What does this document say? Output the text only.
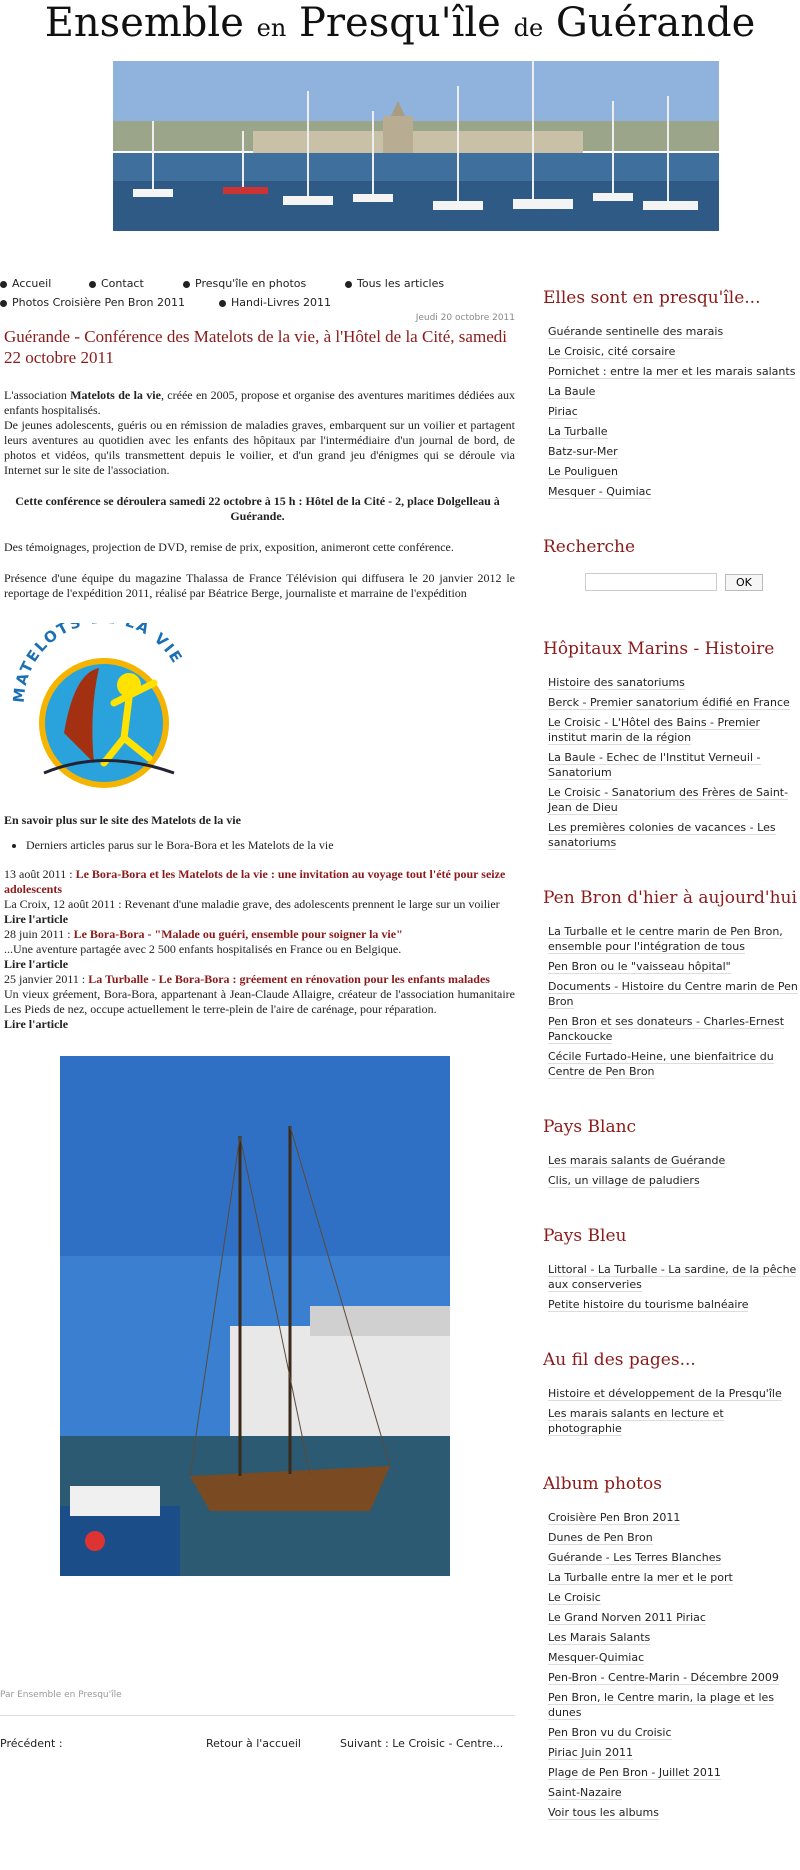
Ensemble en Presqu'île de Guérande
Accueil	Contact	Presqu'île en photos	Tous les articles
Photos Croisière Pen Bron 2011	Handi-Livres 2011
Jeudi 20 octobre 2011
Guérande - Conférence des Matelots de la vie, à l'Hôtel de la Cité, samedi 22 octobre 2011

L'association Matelots de la vie, créée en 2005, propose et organise des aventures maritimes dédiées aux enfants hospitalisés.

De jeunes adolescents, guéris ou en rémission de maladies graves, embarquent sur un voilier et partagent leurs aventures au quotidien avec les enfants des hôpitaux par l'intermédiaire d'un journal de bord, de photos et vidéos, qu'ils transmettent depuis le voilier, et d'un grand jeu d'énigmes qui se déroule via Internet sur le site de l'association.

Cette conférence se déroulera samedi 22 octobre à 15 h : Hôtel de la Cité - 2, place Dolgelleau à Guérande.

Des témoignages, projection de DVD, remise de prix, exposition, animeront cette conférence.

Présence d'une équipe du magazine Thalassa de France Télévision qui diffusera le 20 janvier 2012 le reportage de l'expédition 2011, réalisé par Béatrice Berge, journaliste et marraine de l'expédition

MATELOT A VIE

En savoir plus sur le site des Matelots de la vie

• Derniers articles parus sur le Bora-Bora et les Matelots de la vie
13 août 2011 : Le Bora-Bora et les Matelots de la vie : une invitation au voyage tout l'été pour seize adolescents
La Croix, 12 août 2011 : Revenant d'une maladie grave, des adolescents prennent le large sur un voilier
Lire l'article
28 juin 2011 : Le Bora-Bora - "Malade ou guéri, ensemble pour soigner la vie"
...Une aventure partagée avec 2 500 enfants hospitalisés en France ou en Belgique.
Lire l'article
25 janvier 2011 : La Turballe - Le Bora-Bora : gréement en rénovation pour les enfants malades
Un vieux gréement, Bora-Bora, appartenant à Jean-Claude Allaigre, créateur de l'association humanitaire Les Pieds de nez, occupe actuellement le terre-plein de l'aire de carénage, pour réparation.
Lire l'article
Par Ensemble en Presqu'île
Précédent :	Retour à l'accueil	Suivant : Le Croisic - Centre...
Elles sont en presqu'île...
Guérande sentinelle des marais
Le Croisic, cité corsaire
Pornichet : entre la mer et les marais salants
La Baule
Piriac
La Turballe
Batz-sur-Mer
Le Pouliguen
Mesquer - Quimiac
Recherche
OK
Hôpitaux Marins - Histoire
Histoire des sanatoriums
Berck - Premier sanatorium édifié en France
Le Croisic - L'Hôtel des Bains - Premier institut marin de la région
La Baule - Echec de l'Institut Verneuil - Sanatorium
Le Croisic - Sanatorium des Frères de Saint-Jean de Dieu
Les premières colonies de vacances - Les sanatoriums
Pen Bron d'hier à aujourd'hui
La Turballe et le centre marin de Pen Bron, ensemble pour l'intégration de tous
Pen Bron ou le "vaisseau hôpital"
Documents - Histoire du Centre marin de Pen Bron
Pen Bron et ses donateurs - Charles-Ernest Panckoucke
Cécile Furtado-Heine, une bienfaitrice du Centre de Pen Bron
Pays Blanc
Les marais salants de Guérande
Clis, un village de paludiers
Pays Bleu
Littoral - La Turballe - La sardine, de la pêche aux conserveries
Petite histoire du tourisme balnéaire
Au fil des pages...
Histoire et développement de la Presqu'île
Les marais salants en lecture et photographie
Album photos
Croisière Pen Bron 2011
Dunes de Pen Bron
Guérande - Les Terres Blanches
La Turballe entre la mer et le port
Le Croisic
Le Grand Norven 2011 Piriac
Les Marais Salants
Mesquer-Quimiac
Pen-Bron - Centre-Marin - Décembre 2009
Pen Bron, le Centre marin, la plage et les dunes
Pen Bron vu du Croisic
Piriac Juin 2011
Plage de Pen Bron - Juillet 2011
Saint-Nazaire
Voir tous les albums
